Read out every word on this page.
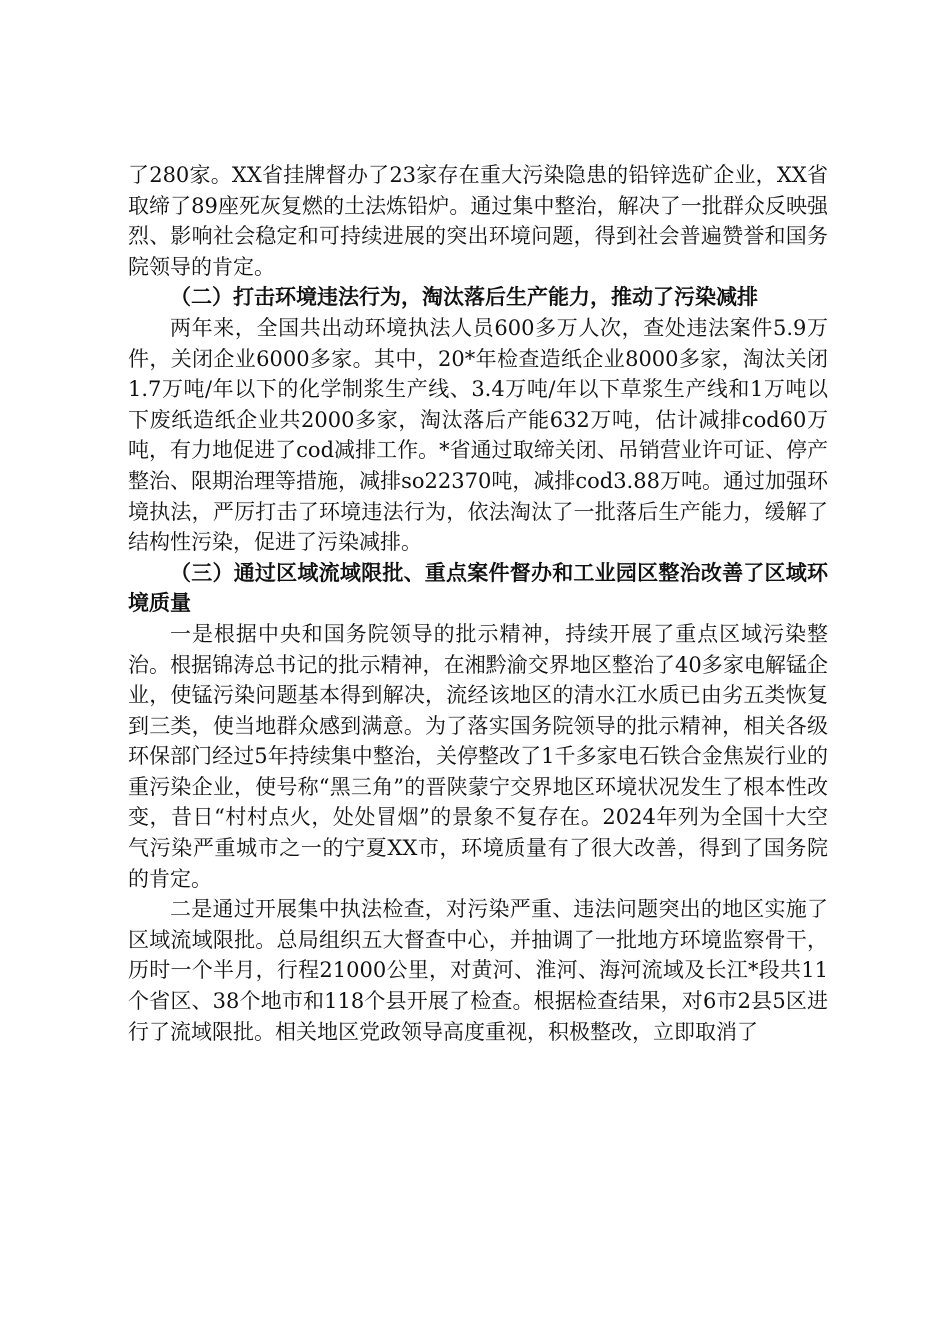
了280家。XX省挂牌督办了23家存在重大污染隐患的铅锌选矿企业，XX省取缔了89座死灰复燃的土法炼铅炉。通过集中整治，解决了一批群众反映强烈、影响社会稳定和可持续进展的突出环境问题，得到社会普遍赞誉和国务院领导的肯定。

（二）打击环境违法行为，淘汰落后生产能力，推动了污染减排

两年来，全国共出动环境执法人员600多万人次，查处违法案件5.9万件，关闭企业6000多家。其中，20*年检查造纸企业8000多家，淘汰关闭1.7万吨/年以下的化学制浆生产线、3.4万吨/年以下草浆生产线和1万吨以下废纸造纸企业共2000多家，淘汰落后产能632万吨，估计减排cod60万吨，有力地促进了cod减排工作。*省通过取缔关闭、吊销营业许可证、停产整治、限期治理等措施，减排so22370吨，减排cod3.88万吨。通过加强环境执法，严厉打击了环境违法行为，依法淘汰了一批落后生产能力，缓解了结构性污染，促进了污染减排。

（三）通过区域流域限批、重点案件督办和工业园区整治改善了区域环境质量

一是根据中央和国务院领导的批示精神，持续开展了重点区域污染整治。根据锦涛总书记的批示精神，在湘黔渝交界地区整治了40多家电解锰企业，使锰污染问题基本得到解决，流经该地区的清水江水质已由劣五类恢复到三类，使当地群众感到满意。为了落实国务院领导的批示精神，相关各级环保部门经过5年持续集中整治，关停整改了1千多家电石铁合金焦炭行业的重污染企业，使号称“黑三角”的晋陕蒙宁交界地区环境状况发生了根本性改变，昔日“村村点火，处处冒烟”的景象不复存在。2024年列为全国十大空气污染严重城市之一的宁夏XX市，环境质量有了很大改善，得到了国务院的肯定。

二是通过开展集中执法检查，对污染严重、违法问题突出的地区实施了区域流域限批。总局组织五大督查中心，并抽调了一批地方环境监察骨干，历时一个半月，行程21000公里，对黄河、淮河、海河流域及长江*段共11个省区、38个地市和118个县开展了检查。根据检查结果，对6市2县5区进行了流域限批。相关地区党政领导高度重视，积极整改，立即取消了
